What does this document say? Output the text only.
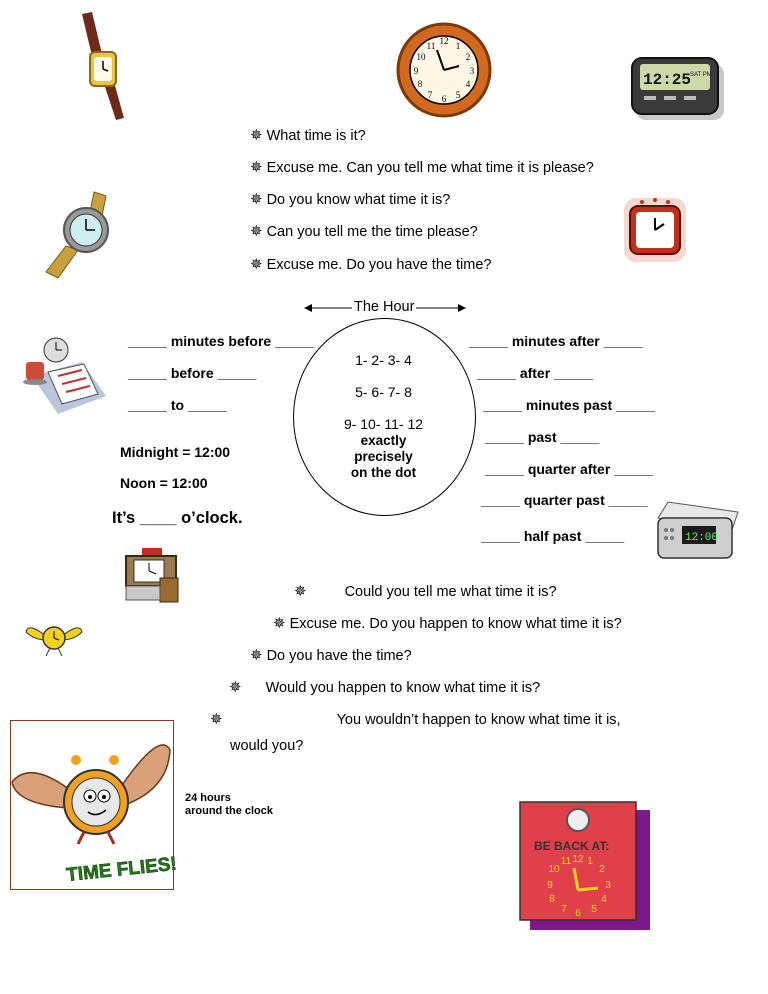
12 1
2
3
4
5
6
7
8
9
10
11
12:25
SAT PM
12:00
TIME FLIES!
BE BACK AT:
12
11 1
10	2
9	3
8	4
7 6 5
✵ What time is it?
✵ Excuse me. Can you tell me what time it is please?
✵ Do you know what time it is?
✵ Can you tell me the time please?
✵ Excuse me. Do you have the time?
The Hour
1- 2- 3- 4
5- 6- 7- 8
9- 10- 11- 12
exactly
precisely
on the dot
_____ minutes before _____
_____ before _____
_____ to _____
_____ minutes after _____
_____ after _____
_____ minutes past _____
_____ past _____
_____ quarter after _____
_____ quarter past _____
_____ half past _____
Midnight = 12:00
Noon = 12:00
It’s ____ o’clock.
✵	Could you tell me what time it is?
✵ Excuse me. Do you happen to know what time it is?
✵ Do you have the time?
✵ Would you happen to know what time it is?
✵	You wouldn’t happen to know what time it is,
would you?
24 hours
around the clock
